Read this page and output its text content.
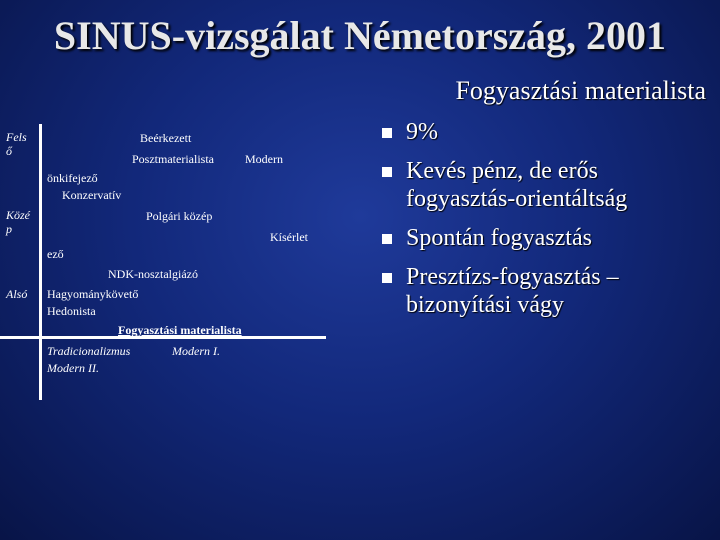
SINUS-vizsgálat Németország, 2001
Fogyasztási materialista
Fels
ő
Közé
p
Alsó
Beérkezett
Posztmaterialista	Modern
önkifejező
Konzervatív
Polgári közép
Kísérlet
ező
NDK-nosztalgiázó
Hagyománykövető
Hedonista
Fogyasztási materialista
Tradicionalizmus	Modern I.
Modern II.
9%
Kevés pénz, de erős fogyasztás-orientáltság
Spontán fogyasztás
Presztízs-fogyasztás – bizonyítási vágy
